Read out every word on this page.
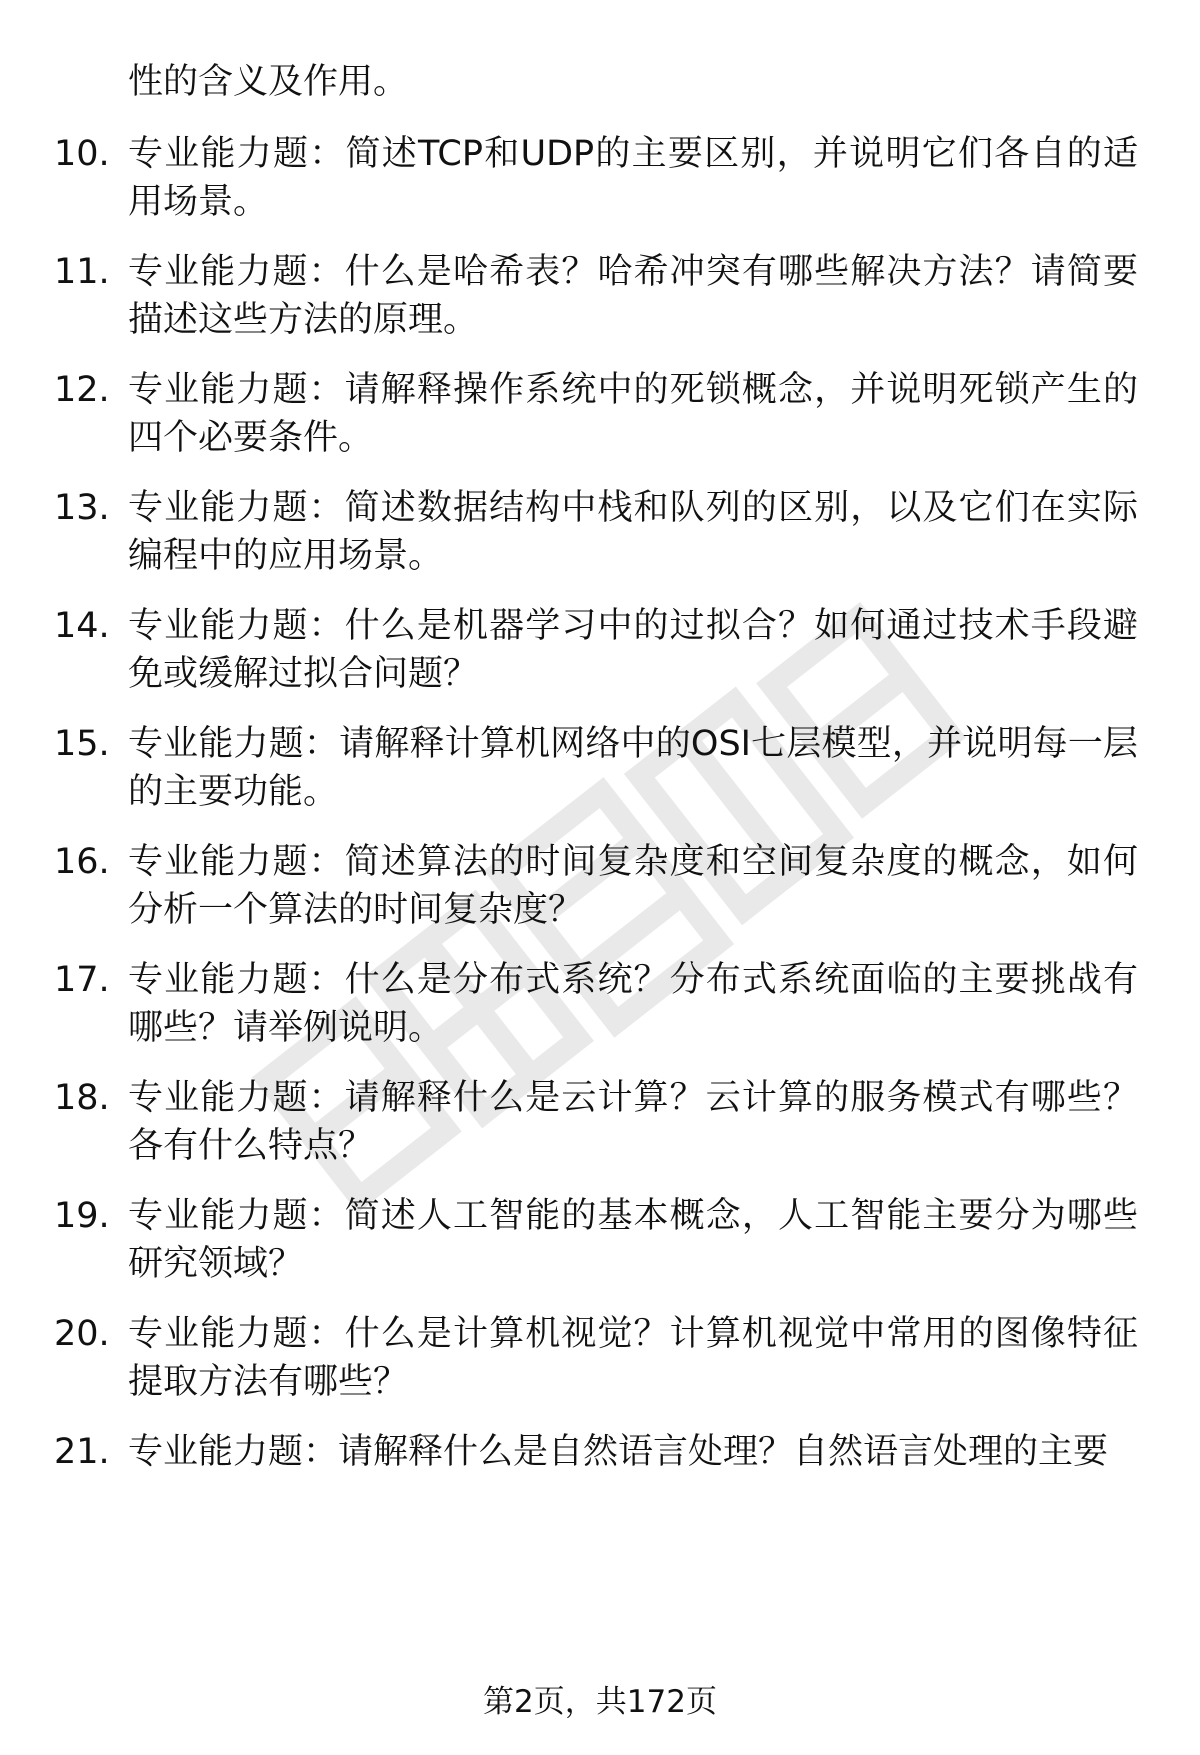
性的含义及作用。

10. 专业能力题：简述TCP和UDP的主要区别，并说明它们各自的适用场景。
11. 专业能力题：什么是哈希表？哈希冲突有哪些解决方法？请简要描述这些方法的原理。
12. 专业能力题：请解释操作系统中的死锁概念，并说明死锁产生的四个必要条件。
13. 专业能力题：简述数据结构中栈和队列的区别，以及它们在实际编程中的应用场景。
14. 专业能力题：什么是机器学习中的过拟合？如何通过技术手段避免或缓解过拟合问题？
15. 专业能力题：请解释计算机网络中的OSI七层模型，并说明每一层的主要功能。
16. 专业能力题：简述算法的时间复杂度和空间复杂度的概念，如何分析一个算法的时间复杂度？
17. 专业能力题：什么是分布式系统？分布式系统面临的主要挑战有哪些？请举例说明。
18. 专业能力题：请解释什么是云计算？云计算的服务模式有哪些？各有什么特点？
19. 专业能力题：简述人工智能的基本概念，人工智能主要分为哪些研究领域？
20. 专业能力题：什么是计算机视觉？计算机视觉中常用的图像特征提取方法有哪些？
21. 专业能力题：请解释什么是自然语言处理？自然语言处理的主要
第2页，共172页
